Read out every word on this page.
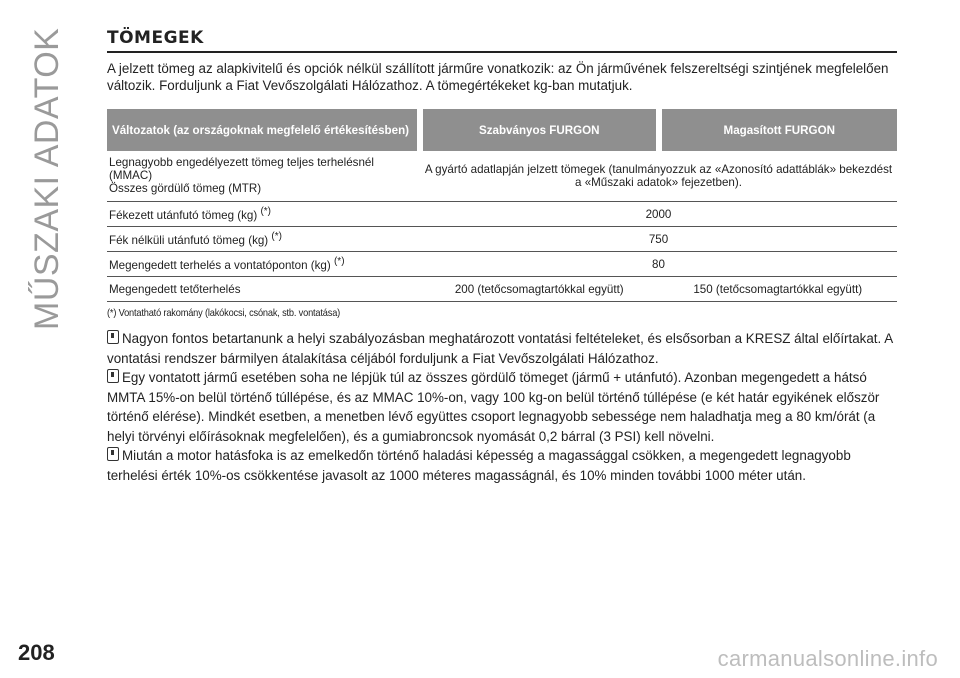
MŰSZAKI ADATOK TÖMEGEK

A jelzett tömeg az alapkivitelű és opciók nélkül szállított járműre vonatkozik: az Ön járművének felszereltségi szintjének megfelelően változik. Forduljunk a Fiat Vevőszolgálati Hálózathoz. A tömegértékeket kg-ban mutatjuk.

Változatok (az országoknak megfelelő értékesítésben)	Szabványos FURGON	Magasított FURGON
Legnagyobb engedélyezett tömeg teljes terhelésnél
(MMAC)
Összes gördülő tömeg (MTR)	A gyártó adatlapján jelzett tömegek (tanulmányozzuk az «Azonosító adattáblák» bekezdést a «Műszaki adatok» fejezetben).	
Fékezett utánfutó tömeg (kg) (*)	2000	
Fék nélküli utánfutó tömeg (kg) (*)	750	
Megengedett terhelés a vontatóponton (kg) (*)	80	
Megengedett tetőterhelés	200 (tetőcsomagtartókkal együtt)	150 (tetőcsomagtartókkal együtt)
(*) Vontatható rakomány (lakókocsi, csónak, stb. vontatása)

Nagyon fontos betartanunk a helyi szabályozásban meghatározott vontatási feltételeket, és elsősorban a KRESZ által előírtakat. A vontatási rendszer bármilyen átalakítása céljából forduljunk a Fiat Vevőszolgálati Hálózathoz.
Egy vontatott jármű esetében soha ne lépjük túl az összes gördülő tömeget (jármű + utánfutó). Azonban megengedett a hátsó MMTA 15%-on belül történő túllépése, és az MMAC 10%-on, vagy 100 kg-on belül történő túllépése (e két határ egyikének először történő elérése). Mindkét esetben, a menetben lévő együttes csoport legnagyobb sebessége nem haladhatja meg a 80 km/órát (a helyi törvényi előírásoknak megfelelően), és a gumiabroncsok nyomását 0,2 bárral (3 PSI) kell növelni.
Miután a motor hatásfoka is az emelkedőn történő haladási képesség a magassággal csökken, a megengedett legnagyobb terhelési érték 10%-os csökkentése javasolt az 1000 méteres magasságnál, és 10% minden további 1000 méter után.

208	carmanualsonline.info
